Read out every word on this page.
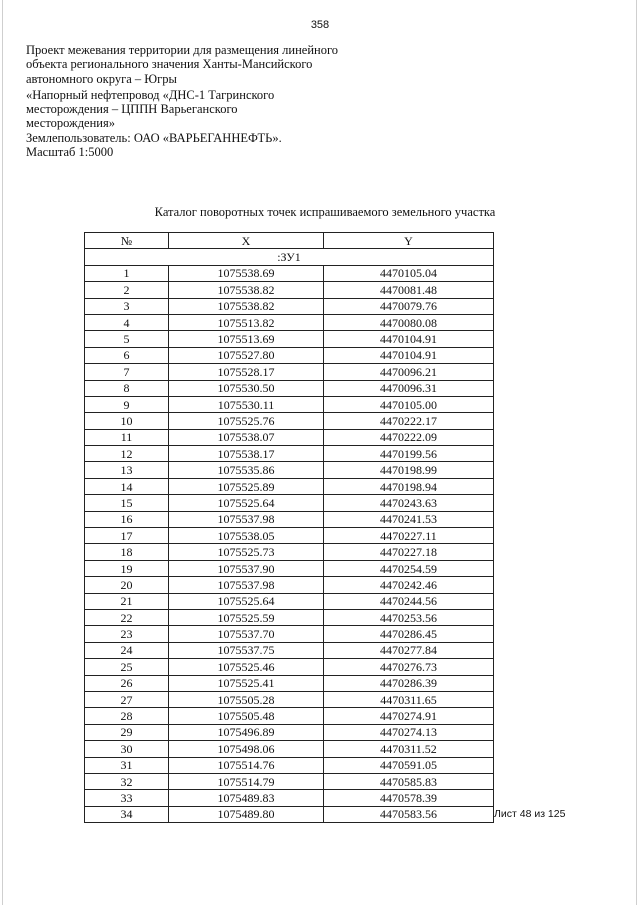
358

Проект межевания территории для размещения линейного

объекта регионального значения Ханты-Мансийского

автономного округа – Югры

«Напорный нефтепровод «ДНС-1 Тагринского

месторождения – ЦППН Варьеганского

месторождения»

Землепользователь: ОАО «ВАРЬЕГАННЕФТЬ».

Масштаб 1:5000

Каталог поворотных точек испрашиваемого земельного участка
№	X	Y
:ЗУ1		
1	1075538.69	4470105.04
2	1075538.82	4470081.48
3	1075538.82	4470079.76
4	1075513.82	4470080.08
5	1075513.69	4470104.91
6	1075527.80	4470104.91
7	1075528.17	4470096.21
8	1075530.50	4470096.31
9	1075530.11	4470105.00
10	1075525.76	4470222.17
11	1075538.07	4470222.09
12	1075538.17	4470199.56
13	1075535.86	4470198.99
14	1075525.89	4470198.94
15	1075525.64	4470243.63
16	1075537.98	4470241.53
17	1075538.05	4470227.11
18	1075525.73	4470227.18
19	1075537.90	4470254.59
20	1075537.98	4470242.46
21	1075525.64	4470244.56
22	1075525.59	4470253.56
23	1075537.70	4470286.45
24	1075537.75	4470277.84
25	1075525.46	4470276.73
26	1075525.41	4470286.39
27	1075505.28	4470311.65
28	1075505.48	4470274.91
29	1075496.89	4470274.13
30	1075498.06	4470311.52
31	1075514.76	4470591.05
32	1075514.79	4470585.83
33	1075489.83	4470578.39
34	1075489.80	4470583.56	Лист 48 из 125
